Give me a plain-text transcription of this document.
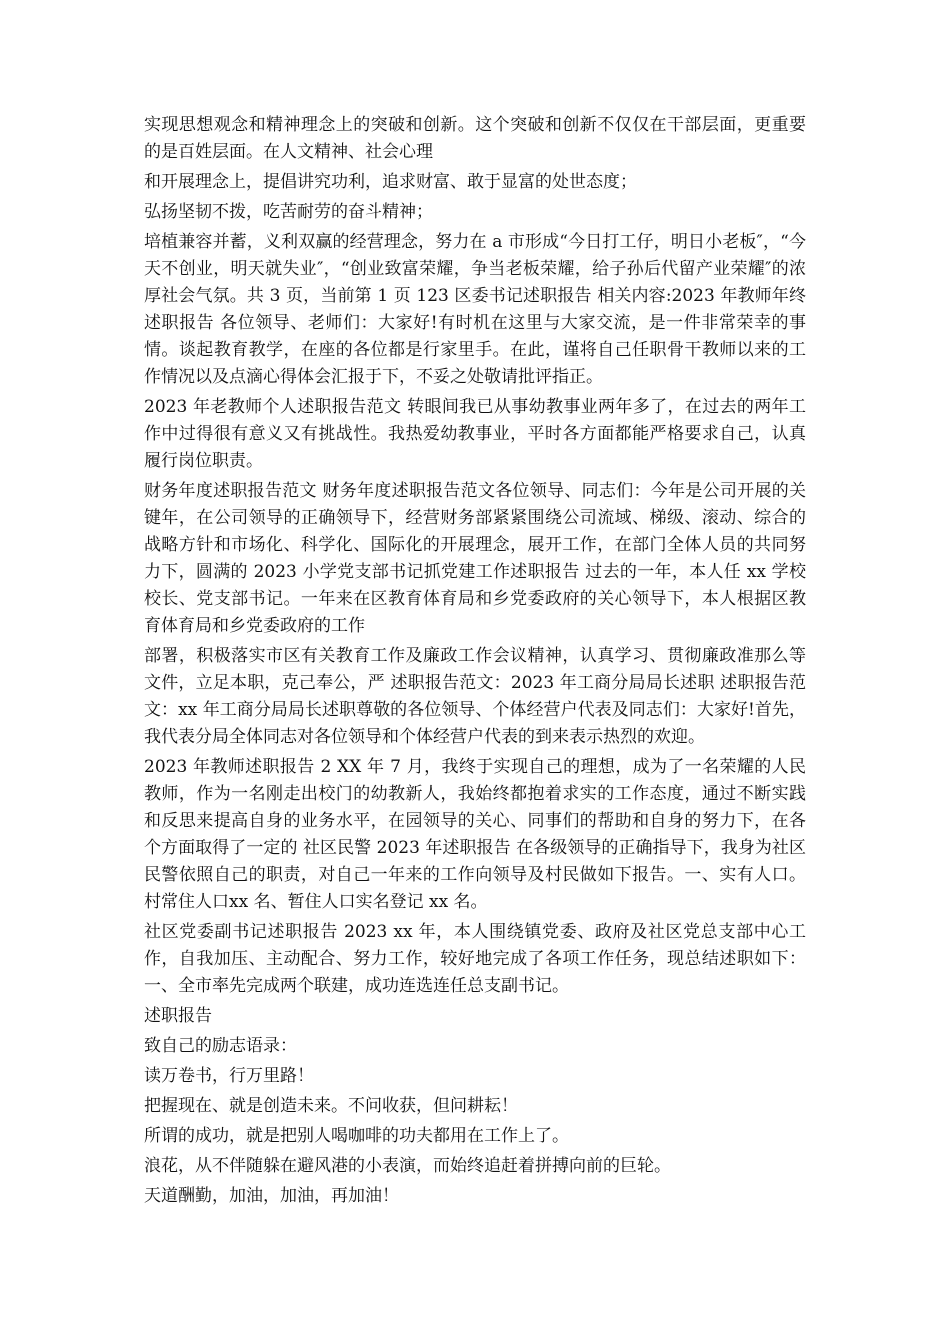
实现思想观念和精神理念上的突破和创新。这个突破和创新不仅仅在干部层面，更重要的是百姓层面。在人文精神、社会心理

和开展理念上，提倡讲究功利，追求财富、敢于显富的处世态度；

弘扬坚韧不拨，吃苦耐劳的奋斗精神；

培植兼容并蓄，义利双赢的经营理念，努力在 a 市形成“今日打工仔，明日小老板″，“今天不创业，明天就失业″，“创业致富荣耀，争当老板荣耀，给子孙后代留产业荣耀″的浓厚社会气氛。共 3 页，当前第 1 页 123 区委书记述职报告 相关内容:2023 年教师年终述职报告 各位领导、老师们：大家好!有时机在这里与大家交流，是一件非常荣幸的事情。谈起教育教学，在座的各位都是行家里手。在此，谨将自己任职骨干教师以来的工作情况以及点滴心得体会汇报于下，不妥之处敬请批评指正。

2023 年老教师个人述职报告范文 转眼间我已从事幼教事业两年多了，在过去的两年工作中过得很有意义又有挑战性。我热爱幼教事业，平时各方面都能严格要求自己，认真履行岗位职责。

财务年度述职报告范文 财务年度述职报告范文各位领导、同志们：今年是公司开展的关键年，在公司领导的正确领导下，经营财务部紧紧围绕公司流域、梯级、滚动、综合的战略方针和市场化、科学化、国际化的开展理念，展开工作，在部门全体人员的共同努力下，圆满的 2023 小学党支部书记抓党建工作述职报告 过去的一年，本人任 xx 学校校长、党支部书记。一年来在区教育体育局和乡党委政府的关心领导下，本人根据区教育体育局和乡党委政府的工作

部署，积极落实市区有关教育工作及廉政工作会议精神，认真学习、贯彻廉政准那么等文件，立足本职，克己奉公，严 述职报告范文：2023 年工商分局局长述职 述职报告范文：xx 年工商分局局长述职尊敬的各位领导、个体经营户代表及同志们：大家好!首先，我代表分局全体同志对各位领导和个体经营户代表的到来表示热烈的欢迎。

2023 年教师述职报告 2 XX 年 7 月，我终于实现自己的理想，成为了一名荣耀的人民教师，作为一名刚走出校门的幼教新人，我始终都抱着求实的工作态度，通过不断实践和反思来提高自身的业务水平，在园领导的关心、同事们的帮助和自身的努力下，在各个方面取得了一定的 社区民警 2023 年述职报告 在各级领导的正确指导下，我身为社区民警依照自己的职责，对自己一年来的工作向领导及村民做如下报告。一、实有人口。村常住人口xx 名、暂住人口实名登记 xx 名。

社区党委副书记述职报告 2023 xx 年，本人围绕镇党委、政府及社区党总支部中心工作，自我加压、主动配合、努力工作，较好地完成了各项工作任务，现总结述职如下：一、全市率先完成两个联建，成功连选连任总支副书记。

述职报告

致自己的励志语录：

读万卷书，行万里路！

把握现在、就是创造未来。不问收获，但问耕耘！

所谓的成功，就是把别人喝咖啡的功夫都用在工作上了。

浪花，从不伴随躲在避风港的小表演，而始终追赶着拼搏向前的巨轮。

天道酬勤，加油，加油，再加油！
